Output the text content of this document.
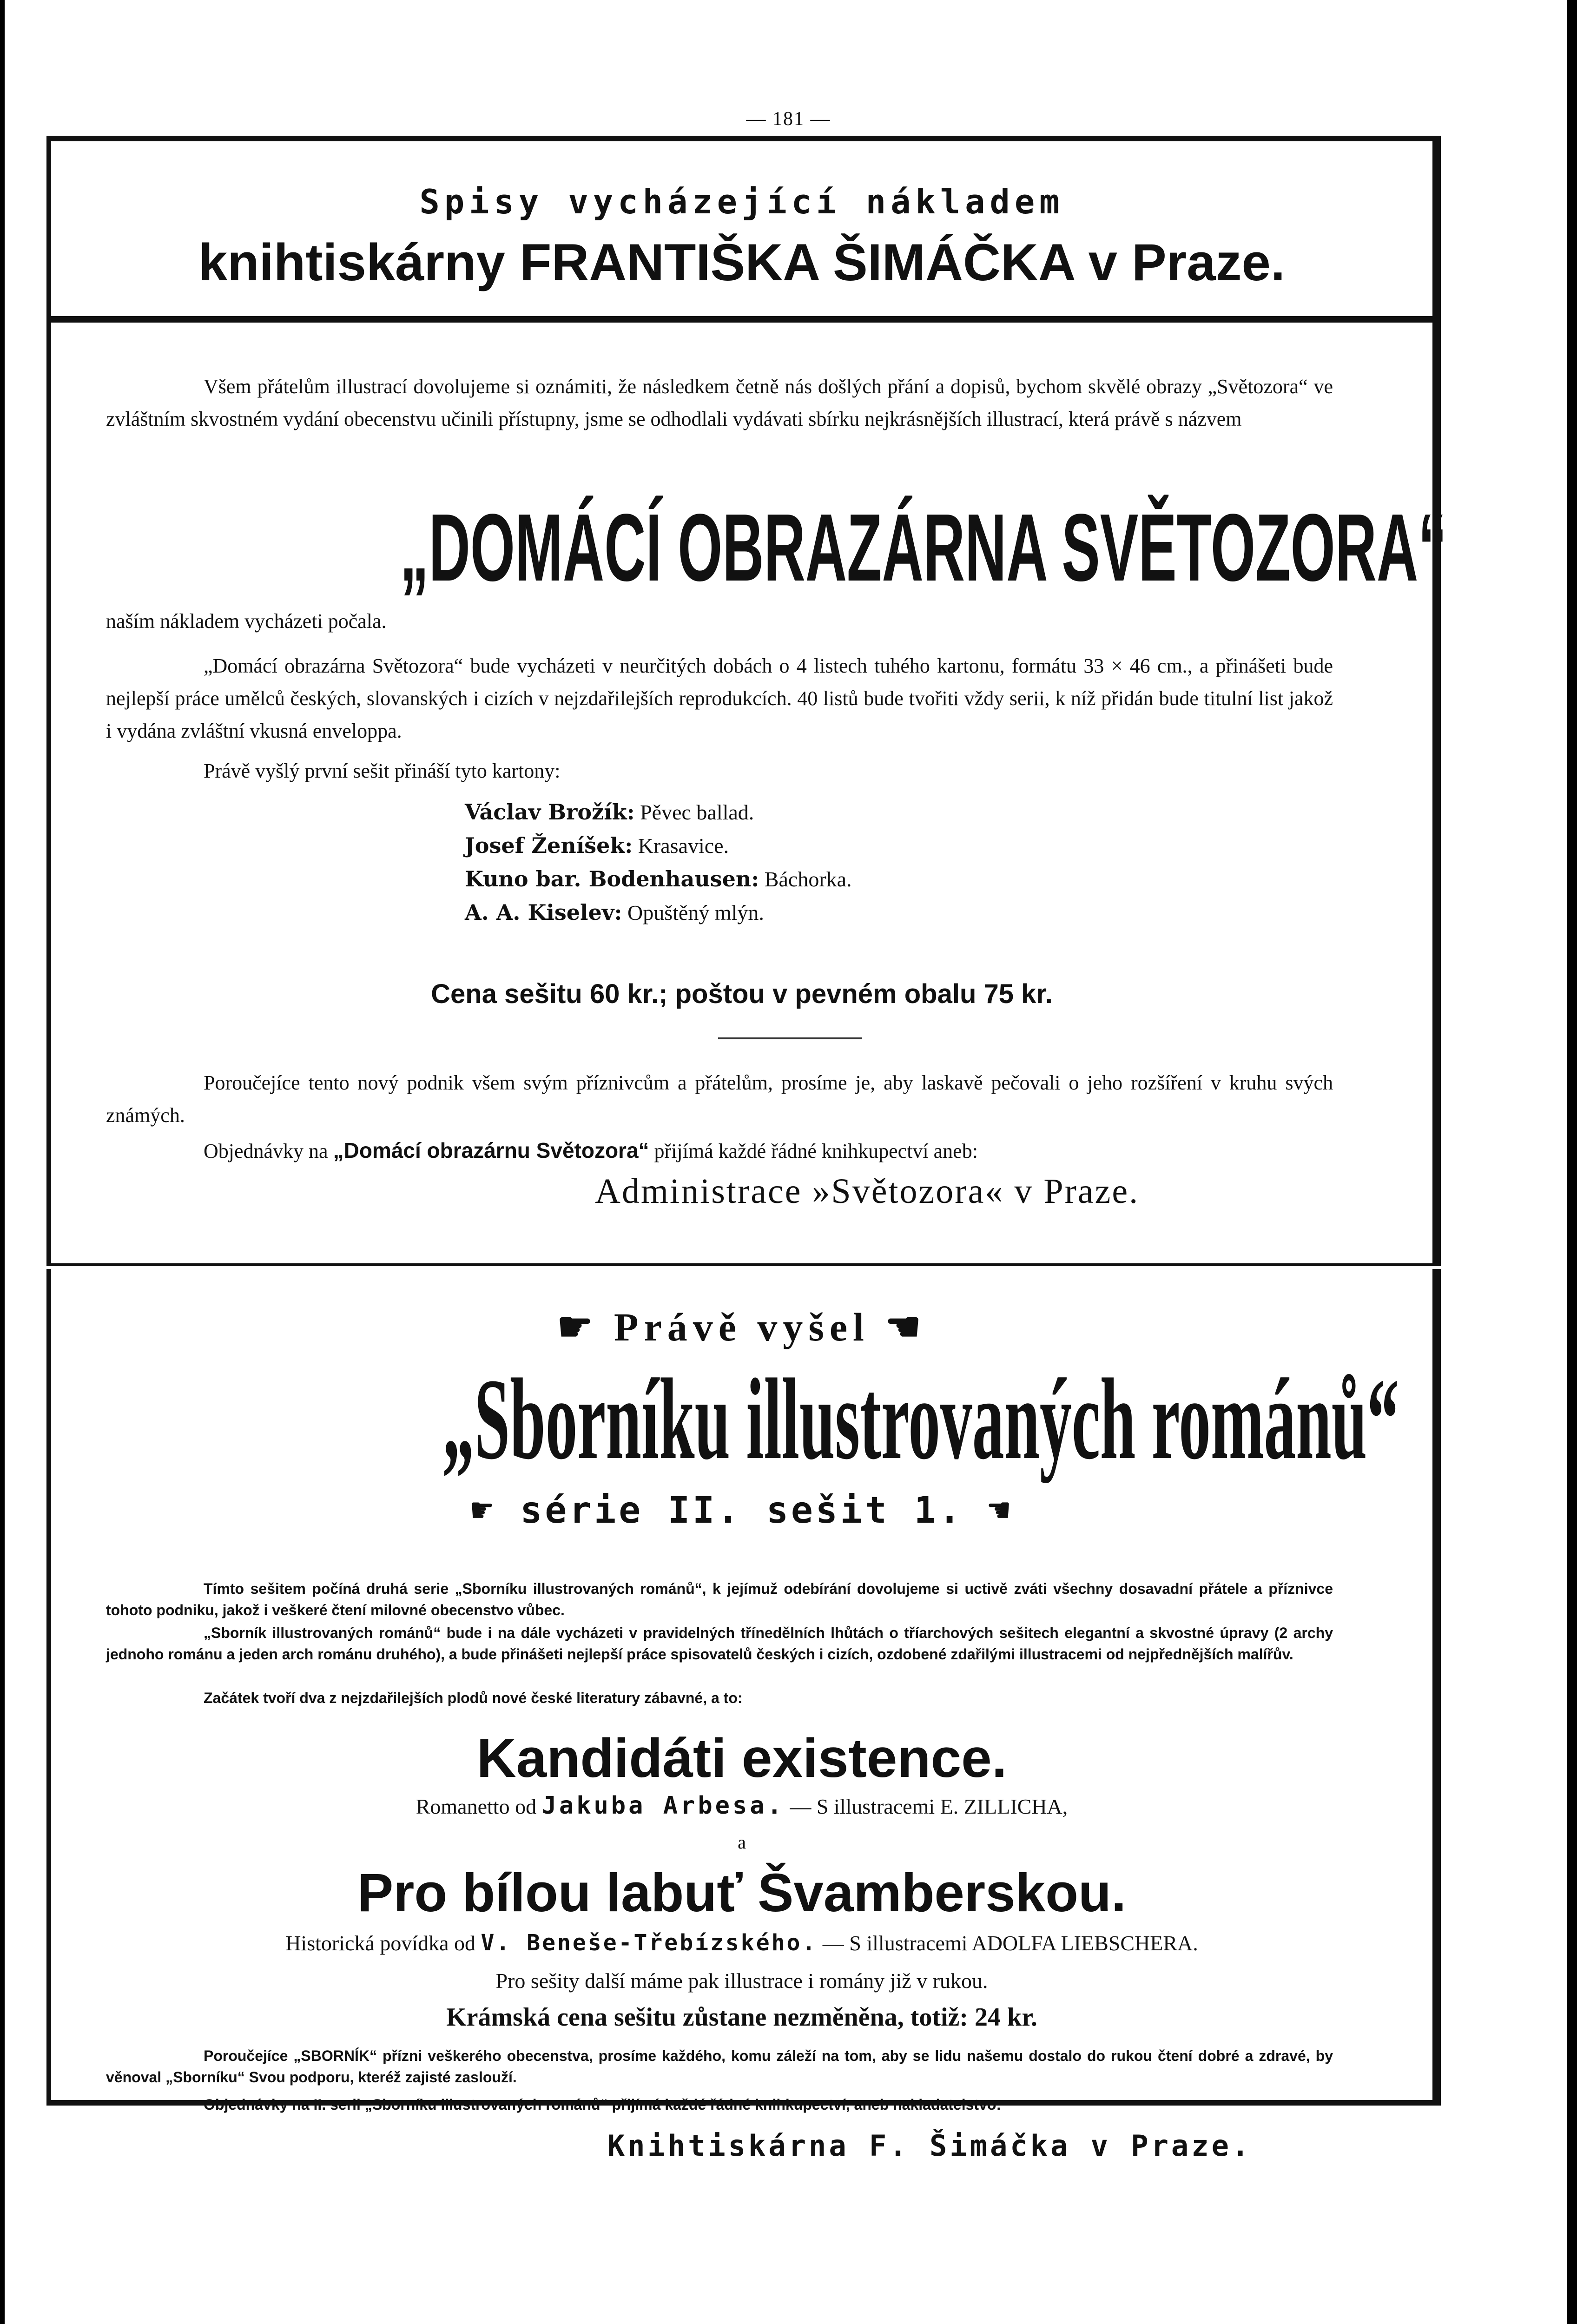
— 181 —
Spisy vycházející nákladem
knihtiskárny FRANTIŠKA ŠIMÁČKA v Praze.
Všem přátelům illustrací dovolujeme si oznámiti, že následkem četně nás došlých přání a dopisů, bychom skvělé obrazy „Světozora“ ve zvláštním skvostném vydání obecenstvu učinili přístupny, jsme se odhodlali vydávati sbírku nejkrásnějších illustrací, která právě s názvem
„DOMÁCÍ OBRAZÁRNA SVĚTOZORA“
naším nákladem vycházeti počala.
„Domácí obrazárna Světozora“ bude vycházeti v neurčitých dobách o 4 listech tuhého kartonu, formátu 33 × 46 cm., a přinášeti bude nejlepší práce umělců českých, slovanských i cizích v nejzdařilejších reprodukcích. 40 listů bude tvořiti vždy serii, k níž přidán bude titulní list jakož i vydána zvláštní vkusná enveloppa.
Právě vyšlý první sešit přináší tyto kartony:
Václav Brožík: Pěvec ballad.
Josef Ženíšek: Krasavice.
Kuno bar. Bodenhausen: Báchorka.
A. A. Kiselev: Opuštěný mlýn.
Cena sešitu 60 kr.; poštou v pevném obalu 75 kr.
Poroučejíce tento nový podnik všem svým příznivcům a přátelům, prosíme je, aby laskavě pečovali o jeho rozšíření v kruhu svých známých.
Objednávky na „Domácí obrazárnu Světozora“ přijímá každé řádné knihkupectví aneb:
Administrace »Světozora« v Praze.
☛ Právě vyšel ☚
„Sborníku illustrovaných románů“
☛ série II. sešit 1. ☚
Tímto sešitem počíná druhá serie „Sborníku illustrovaných románů“, k jejímuž odebírání dovolujeme si uctivě zváti všechny dosavadní přátele a příznivce tohoto podniku, jakož i veškeré čtení milovné obecenstvo vůbec.
„Sborník illustrovaných románů“ bude i na dále vycházeti v pravidelných třínedělních lhůtách o tříarchových sešitech elegantní a skvostné úpravy (2 archy jednoho románu a jeden arch románu druhého), a bude přinášeti nejlepší práce spisovatelů českých i cizích, ozdobené zdařilými illustracemi od nejpřednějších malířův.
Začátek tvoří dva z nejzdařilejších plodů nové české literatury zábavné, a to:
Kandidáti existence.
Romanetto od Jakuba Arbesa. — S illustracemi E. ZILLICHA,
a
Pro bílou labuť Švamberskou.
Historická povídka od V. Beneše-Třebízského. — S illustracemi ADOLFA LIEBSCHERA.
Pro sešity další máme pak illustrace i romány již v rukou.
Krámská cena sešitu zůstane nezměněna, totiž: 24 kr.
Poroučejíce „SBORNÍK“ přízni veškerého obecenstva, prosíme každého, komu záleží na tom, aby se lidu našemu dostalo do rukou čtení dobré a zdravé, by věnoval „Sborníku“ Svou podporu, kteréž zajisté zaslouží.
Objednávky na II. serii „Sborníku illustrovaných románů“ přijímá každé řádné knihkupectví, aneb nakladatelstvo:
Knihtiskárna F. Šimáčka v Praze.
